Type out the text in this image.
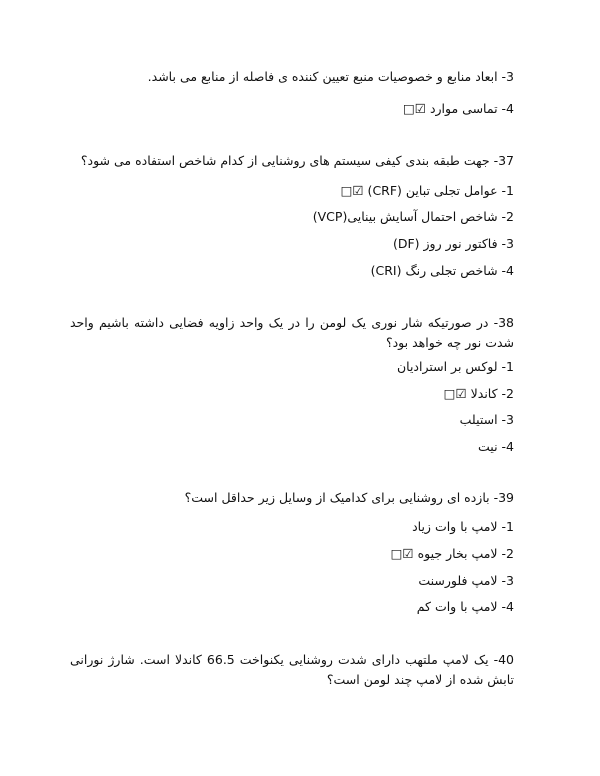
3- ابعاد منابع و خصوصیات منبع تعیین کننده ی فاصله از منابع می باشد.
4- تماسی موارد ☑□
37- جهت طبقه بندی کیفی سیستم های روشنایی از کدام شاخص استفاده می شود؟
1- عوامل تجلی تباین (CRF) ☑□
2- شاخص احتمال آسایش بینایی(VCP)
3- فاکتور نور روز (DF)
4- شاخص تجلی رنگ (CRI)
38- در صورتیکه شار نوری یک لومن را در یک واحد زاویه فضایی داشته باشیم واحد شدت نور چه خواهد بود؟
1- لوکس بر استرادیان
2- کاندلا ☑□
3- استیلب
4- نیت
39- بازده ای روشنایی برای کدامیک از وسایل زیر حداقل است؟
1- لامپ با وات زیاد
2- لامپ بخار جیوه ☑□
3- لامپ فلورسنت
4- لامپ با وات کم
40- یک لامپ ملتهب دارای شدت روشنایی یکنواخت 66.5 کاندلا است. شارژ نورانی تابش شده از لامپ چند لومن است؟
